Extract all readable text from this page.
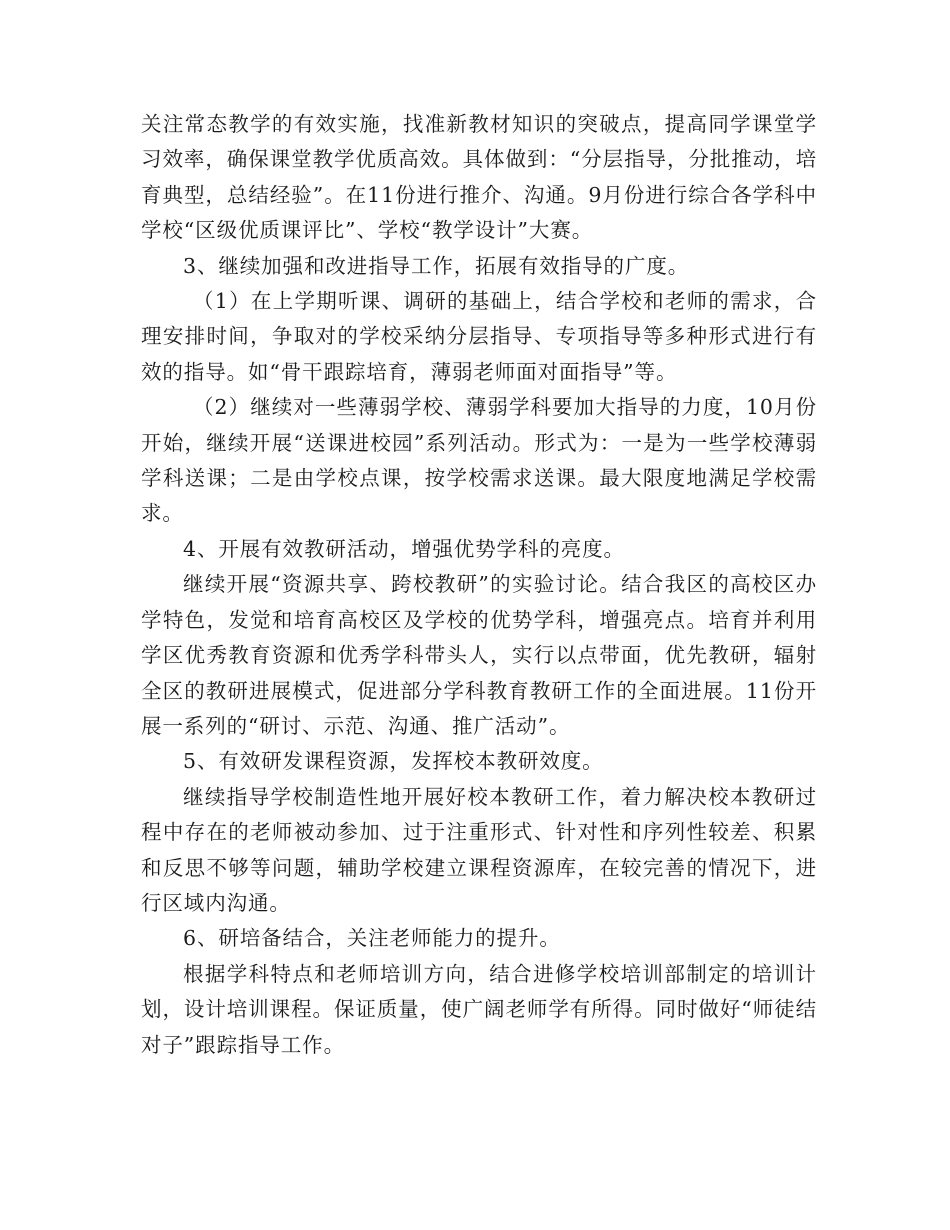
关注常态教学的有效实施，找准新教材知识的突破点，提高同学课堂学习效率，确保课堂教学优质高效。具体做到：“分层指导，分批推动，培育典型，总结经验”。在11份进行推介、沟通。9月份进行综合各学科中学校“区级优质课评比”、学校“教学设计”大赛。

3、继续加强和改进指导工作，拓展有效指导的广度。

（1）在上学期听课、调研的基础上，结合学校和老师的需求，合理安排时间，争取对的学校采纳分层指导、专项指导等多种形式进行有效的指导。如“骨干跟踪培育，薄弱老师面对面指导”等。

（2）继续对一些薄弱学校、薄弱学科要加大指导的力度，10月份开始，继续开展“送课进校园”系列活动。形式为：一是为一些学校薄弱学科送课；二是由学校点课，按学校需求送课。最大限度地满足学校需求。

4、开展有效教研活动，增强优势学科的亮度。

继续开展“资源共享、跨校教研”的实验讨论。结合我区的高校区办学特色，发觉和培育高校区及学校的优势学科，增强亮点。培育并利用学区优秀教育资源和优秀学科带头人，实行以点带面，优先教研，辐射全区的教研进展模式，促进部分学科教育教研工作的全面进展。11份开展一系列的“研讨、示范、沟通、推广活动”。

5、有效研发课程资源，发挥校本教研效度。

继续指导学校制造性地开展好校本教研工作，着力解决校本教研过程中存在的老师被动参加、过于注重形式、针对性和序列性较差、积累和反思不够等问题，辅助学校建立课程资源库，在较完善的情况下，进行区域内沟通。

6、研培备结合，关注老师能力的提升。

根据学科特点和老师培训方向，结合进修学校培训部制定的培训计划，设计培训课程。保证质量，使广阔老师学有所得。同时做好“师徒结对子”跟踪指导工作。
